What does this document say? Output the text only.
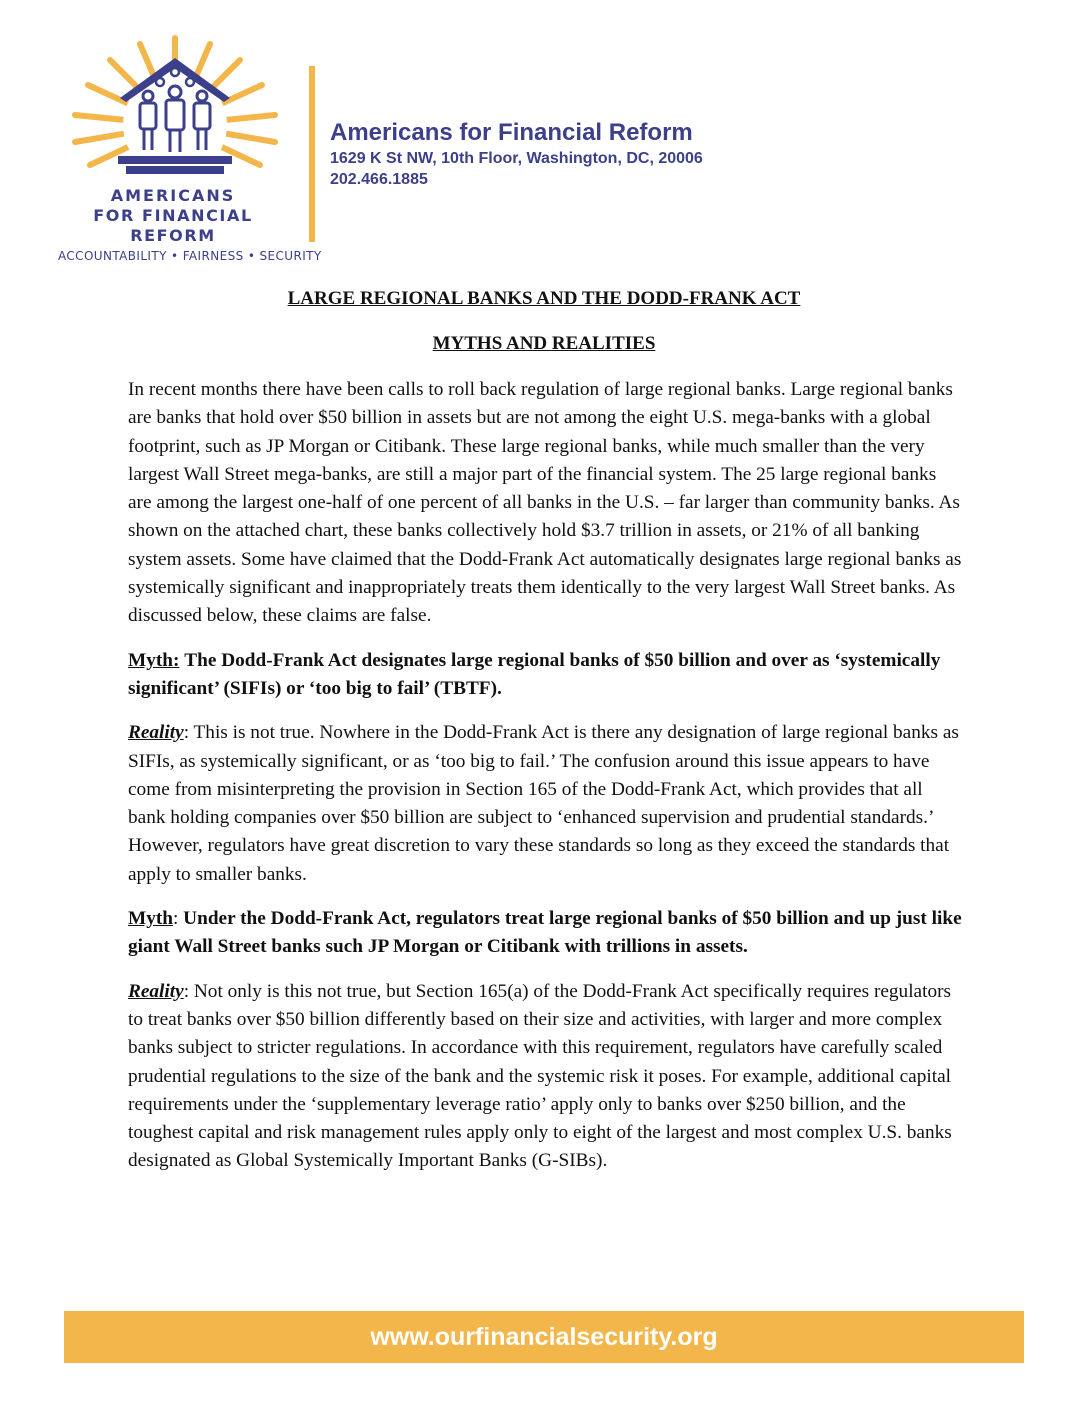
AMERICANS
FOR FINANCIAL REFORM
ACCOUNTABILITY • FAIRNESS • SECURITY
Americans for Financial Reform
1629 K St NW, 10th Floor, Washington, DC, 20006
202.466.1885
LARGE REGIONAL BANKS AND THE DODD-FRANK ACT
MYTHS AND REALITIES

In recent months there have been calls to roll back regulation of large regional banks. Large regional banks are banks that hold over $50 billion in assets but are not among the eight U.S. mega-banks with a global footprint, such as JP Morgan or Citibank. These large regional banks, while much smaller than the very largest Wall Street mega-banks, are still a major part of the financial system. The 25 large regional banks are among the largest one-half of one percent of all banks in the U.S. – far larger than community banks. As shown on the attached chart, these banks collectively hold $3.7 trillion in assets, or 21% of all banking system assets. Some have claimed that the Dodd-Frank Act automatically designates large regional banks as systemically significant and inappropriately treats them identically to the very largest Wall Street banks. As discussed below, these claims are false.

Myth: The Dodd-Frank Act designates large regional banks of $50 billion and over as ‘systemically significant’ (SIFIs) or ‘too big to fail’ (TBTF).

Reality: This is not true. Nowhere in the Dodd-Frank Act is there any designation of large regional banks as SIFIs, as systemically significant, or as ‘too big to fail.’ The confusion around this issue appears to have come from misinterpreting the provision in Section 165 of the Dodd-Frank Act, which provides that all bank holding companies over $50 billion are subject to ‘enhanced supervision and prudential standards.’ However, regulators have great discretion to vary these standards so long as they exceed the standards that apply to smaller banks.

Myth: Under the Dodd-Frank Act, regulators treat large regional banks of $50 billion and up just like giant Wall Street banks such JP Morgan or Citibank with trillions in assets.

Reality: Not only is this not true, but Section 165(a) of the Dodd-Frank Act specifically requires regulators to treat banks over $50 billion differently based on their size and activities, with larger and more complex banks subject to stricter regulations. In accordance with this requirement, regulators have carefully scaled prudential regulations to the size of the bank and the systemic risk it poses. For example, additional capital requirements under the ‘supplementary leverage ratio’ apply only to banks over $250 billion, and the toughest capital and risk management rules apply only to eight of the largest and most complex U.S. banks designated as Global Systemically Important Banks (G-SIBs).

www.ourfinancialsecurity.org
